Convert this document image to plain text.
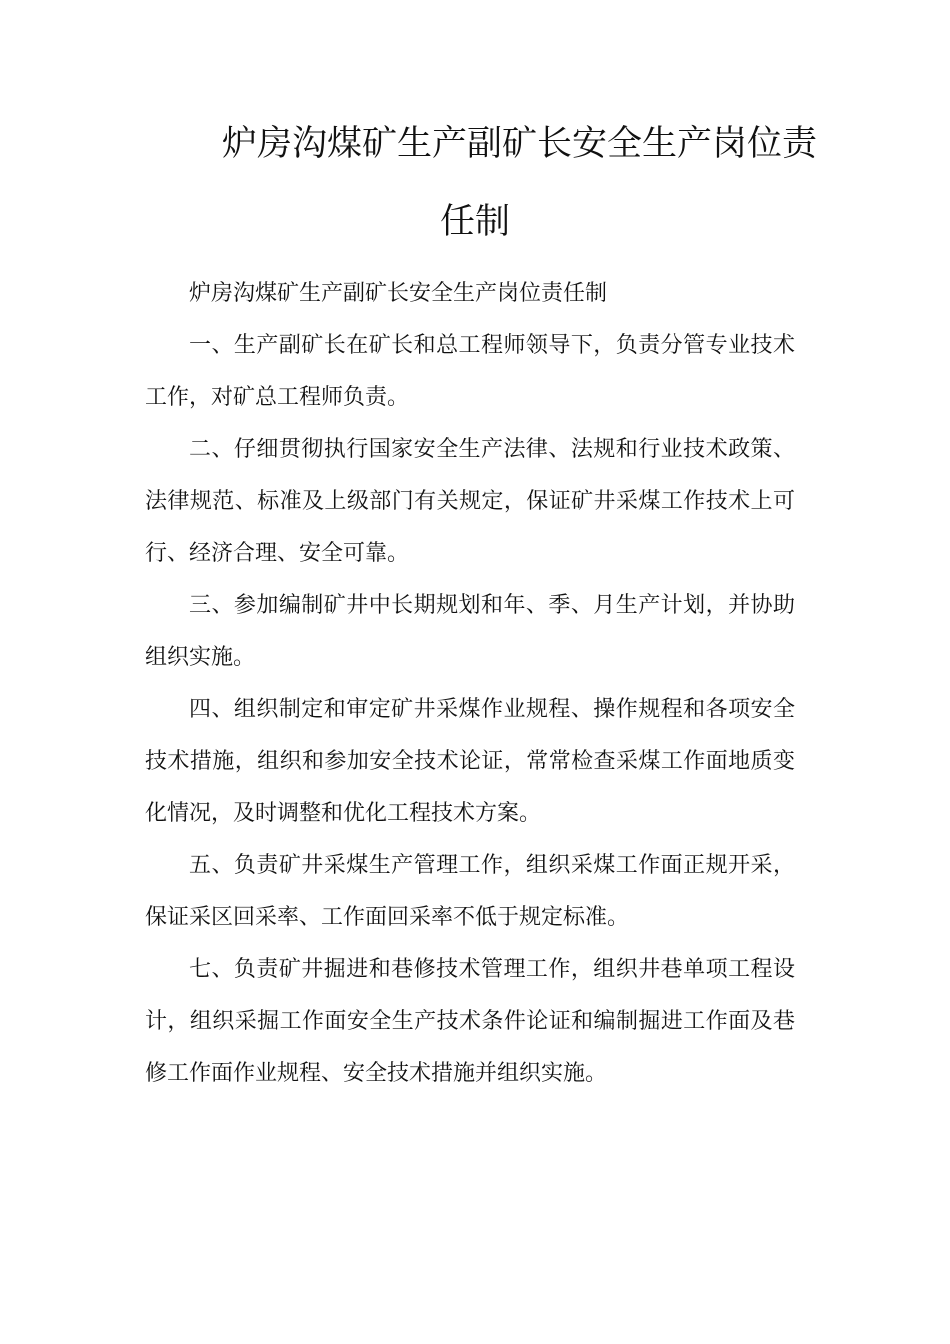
炉房沟煤矿生产副矿长安全生产岗位责
任制

炉房沟煤矿生产副矿长安全生产岗位责任制

一、生产副矿长在矿长和总工程师领导下，负责分管专业技术工作，对矿总工程师负责。

二、仔细贯彻执行国家安全生产法律、法规和行业技术政策、法律规范、标准及上级部门有关规定，保证矿井采煤工作技术上可行、经济合理、安全可靠。

三、参加编制矿井中长期规划和年、季、月生产计划，并协助组织实施。

四、组织制定和审定矿井采煤作业规程、操作规程和各项安全技术措施，组织和参加安全技术论证，常常检查采煤工作面地质变化情况，及时调整和优化工程技术方案。

五、负责矿井采煤生产管理工作，组织采煤工作面正规开采，保证采区回采率、工作面回采率不低于规定标准。

七、负责矿井掘进和巷修技术管理工作，组织井巷单项工程设计，组织采掘工作面安全生产技术条件论证和编制掘进工作面及巷修工作面作业规程、安全技术措施并组织实施。
